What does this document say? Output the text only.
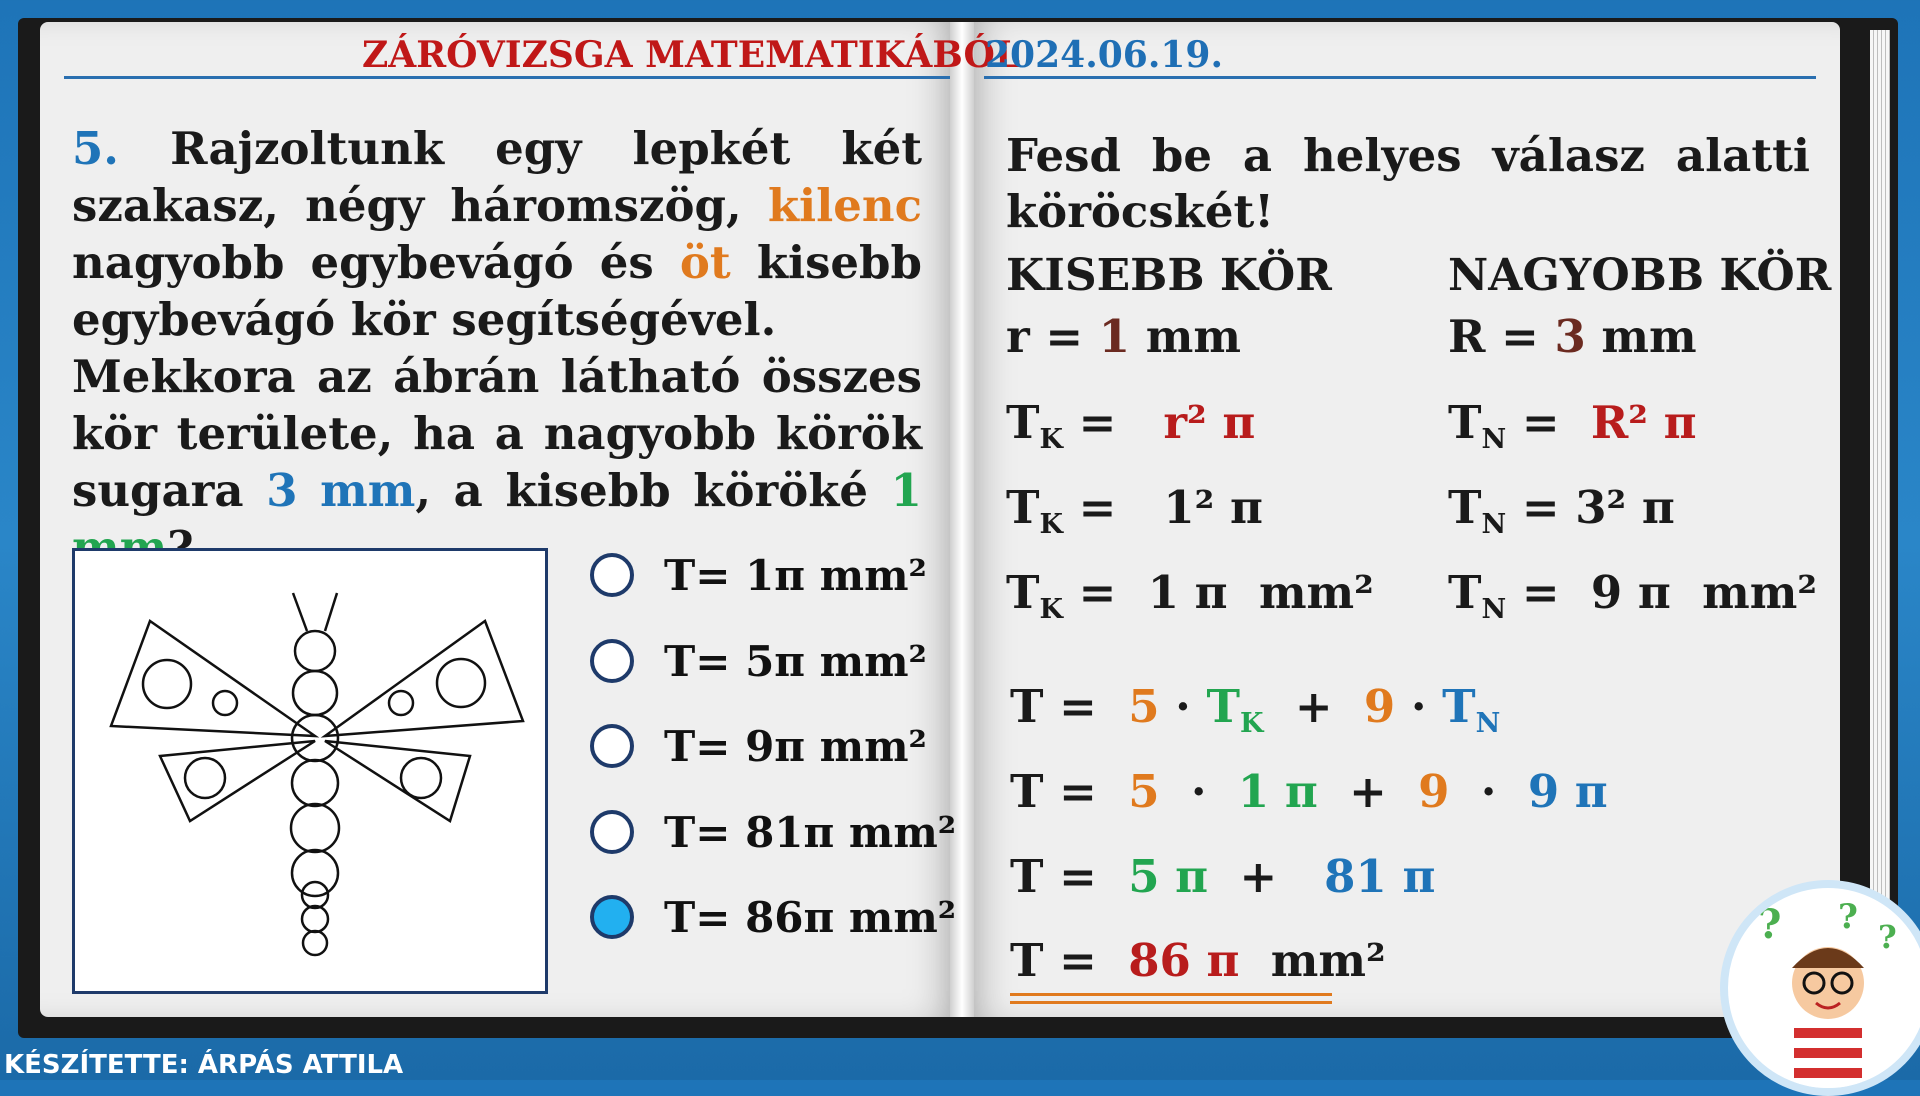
ZÁRÓVIZSGA MATEMATIKÁBÓL
2024.06.19.
5. Rajzoltunk egy lepkét két szakasz, négy háromszög, kilenc nagyobb egybevágó és öt kisebb egybevágó kör segítségével.
Mekkora az ábrán látható összes kör területe, ha a nagyobb körök sugara 3 mm, a kisebb köröké 1
T= 1π mm²
T= 5π mm²
T= 9π mm²
T= 81π mm²
T= 86π mm²
Fesd be a helyes válasz alatti köröcskét!
KISEBB KÖR
r = 1 mm
$T_K = r^2$ π
$T_K = 1^2$ π
$T_K = 1$ π  mm²
NAGYOBB KÖR
R = 3 mm
$T_N = R^2$ π
$T_N = 3^2$ π
$T_N = 9$ π  mm²
$T = 5 \cdot T_K + 9 \cdot T_N$
T =  5  ·  1 π  +  9  ·  9 π
T =  5 π  +   81 π
T =  86 π  mm²
? ? ?
KÉSZÍTETTE: ÁRPÁS ATTILA
